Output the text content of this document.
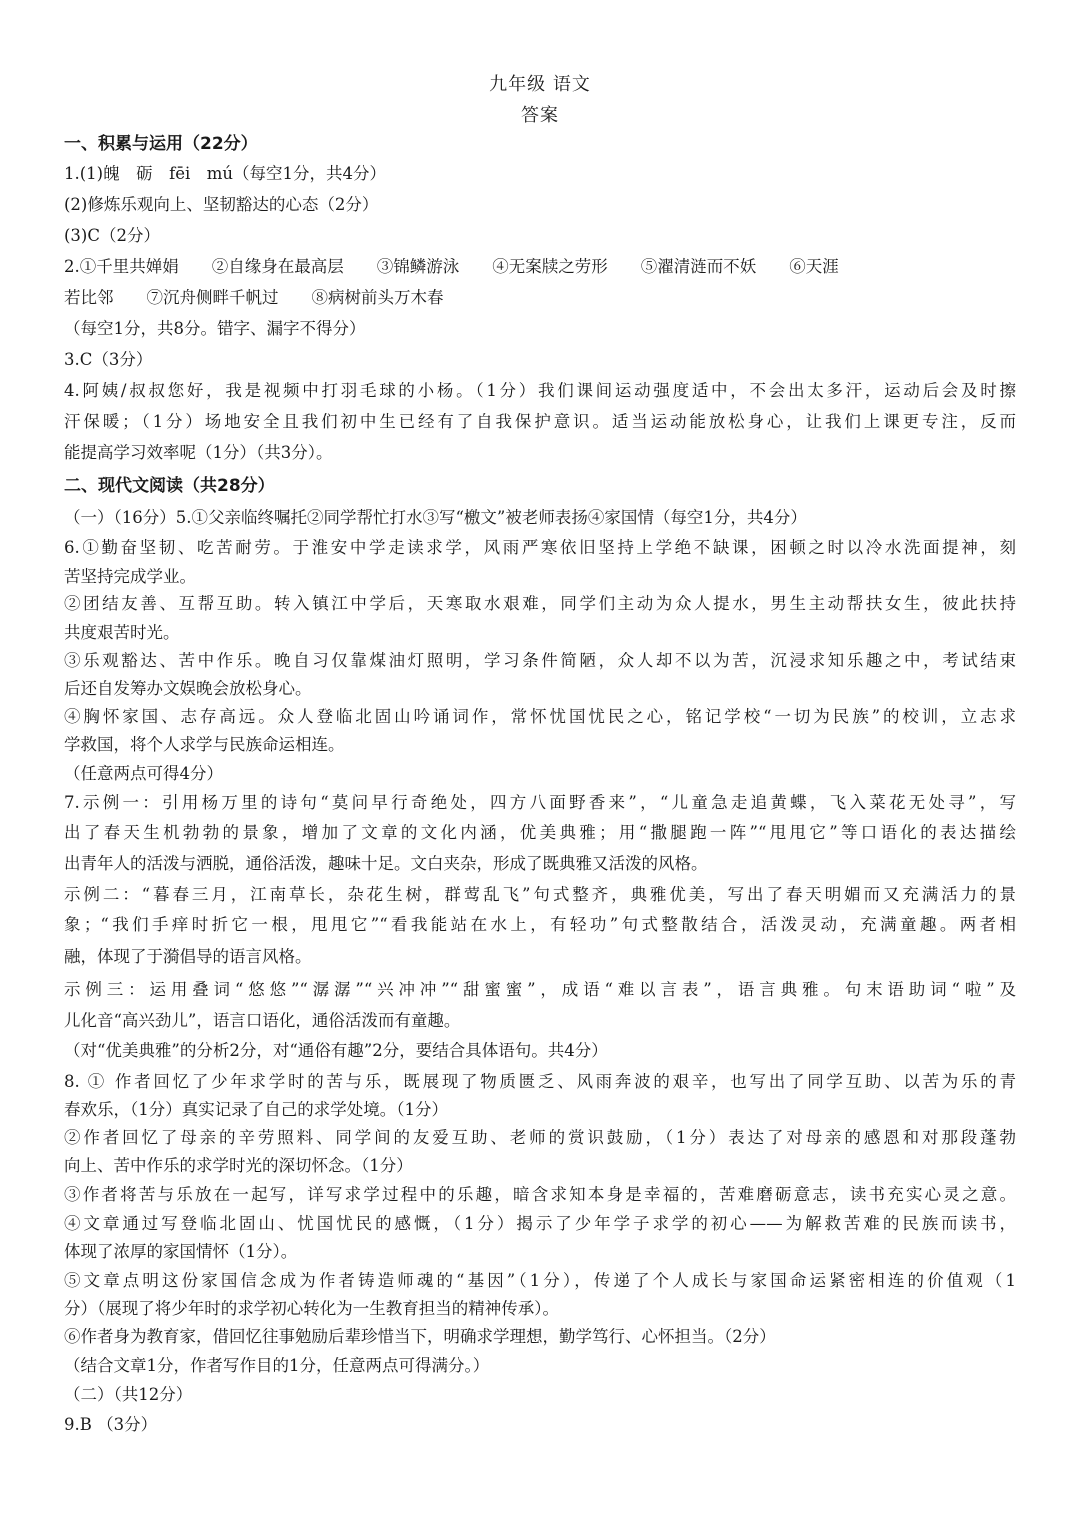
九年级 语文
答案
一、积累与运用（22分）
1.(1)魄　砺　fēi　mú（每空1分，共4分）
(2)修炼乐观向上、坚韧豁达的心态（2分）
(3)C（2分）
2.①千里共婵娟　　②自缘身在最高层　　③锦鳞游泳　　④无案牍之劳形　　⑤濯清涟而不妖　　⑥天涯
若比邻　　⑦沉舟侧畔千帆过　　⑧病树前头万木春
（每空1分，共8分。错字、漏字不得分）
3.C（3分）
4.阿姨/叔叔您好，我是视频中打羽毛球的小杨。（1分）我们课间运动强度适中，不会出太多汗，运动后会及时擦
汗保暖；（1分）场地安全且我们初中生已经有了自我保护意识。适当运动能放松身心，让我们上课更专注，反而
能提高学习效率呢（1分）（共3分）。
二、现代文阅读（共28分）
（一）（16分）5.①父亲临终嘱托②同学帮忙打水③写“檄文”被老师表扬④家国情（每空1分，共4分）
6.①勤奋坚韧、吃苦耐劳。于淮安中学走读求学，风雨严寒依旧坚持上学绝不缺课，困顿之时以冷水洗面提神，刻
苦坚持完成学业。
②团结友善、互帮互助。转入镇江中学后，天寒取水艰难，同学们主动为众人提水，男生主动帮扶女生，彼此扶持
共度艰苦时光。
③乐观豁达、苦中作乐。晚自习仅靠煤油灯照明，学习条件简陋，众人却不以为苦，沉浸求知乐趣之中，考试结束
后还自发筹办文娱晚会放松身心。
④胸怀家国、志存高远。众人登临北固山吟诵词作，常怀忧国忧民之心，铭记学校“一切为民族”的校训，立志求
学救国，将个人求学与民族命运相连。
（任意两点可得4分）
7.示例一：引用杨万里的诗句“莫问早行奇绝处，四方八面野香来”，“儿童急走追黄蝶，飞入菜花无处寻”，写
出了春天生机勃勃的景象，增加了文章的文化内涵，优美典雅；用“撒腿跑一阵”“甩甩它”等口语化的表达描绘
出青年人的活泼与洒脱，通俗活泼，趣味十足。文白夹杂，形成了既典雅又活泼的风格。
示例二：“暮春三月，江南草长，杂花生树，群莺乱飞”句式整齐，典雅优美，写出了春天明媚而又充满活力的景
象；“我们手痒时折它一根，甩甩它”“看我能站在水上，有轻功”句式整散结合，活泼灵动，充满童趣。两者相
融，体现了于漪倡导的语言风格。
示例三：运用叠词“悠悠”“潺潺”“兴冲冲”“甜蜜蜜”，成语“难以言表”，语言典雅。句末语助词“啦”及
儿化音“高兴劲儿”，语言口语化，通俗活泼而有童趣。
（对“优美典雅”的分析2分，对“通俗有趣”2分，要结合具体语句。共4分）
8. ① 作者回忆了少年求学时的苦与乐，既展现了物质匮乏、风雨奔波的艰辛，也写出了同学互助、以苦为乐的青
春欢乐，（1分）真实记录了自己的求学处境。（1分）
②作者回忆了母亲的辛劳照料、同学间的友爱互助、老师的赏识鼓励，（1分）表达了对母亲的感恩和对那段蓬勃
向上、苦中作乐的求学时光的深切怀念。（1分）
③作者将苦与乐放在一起写，详写求学过程中的乐趣，暗含求知本身是幸福的，苦难磨砺意志，读书充实心灵之意。
④文章通过写登临北固山、忧国忧民的感慨，（1分）揭示了少年学子求学的初心——为解救苦难的民族而读书，
体现了浓厚的家国情怀（1分）。
⑤文章点明这份家国信念成为作者铸造师魂的“基因”（1分），传递了个人成长与家国命运紧密相连的价值观（1
分）（展现了将少年时的求学初心转化为一生教育担当的精神传承）。
⑥作者身为教育家，借回忆往事勉励后辈珍惜当下，明确求学理想，勤学笃行、心怀担当。（2分）
（结合文章1分，作者写作目的1分，任意两点可得满分。）
（二）（共12分）
9.B （3分）
